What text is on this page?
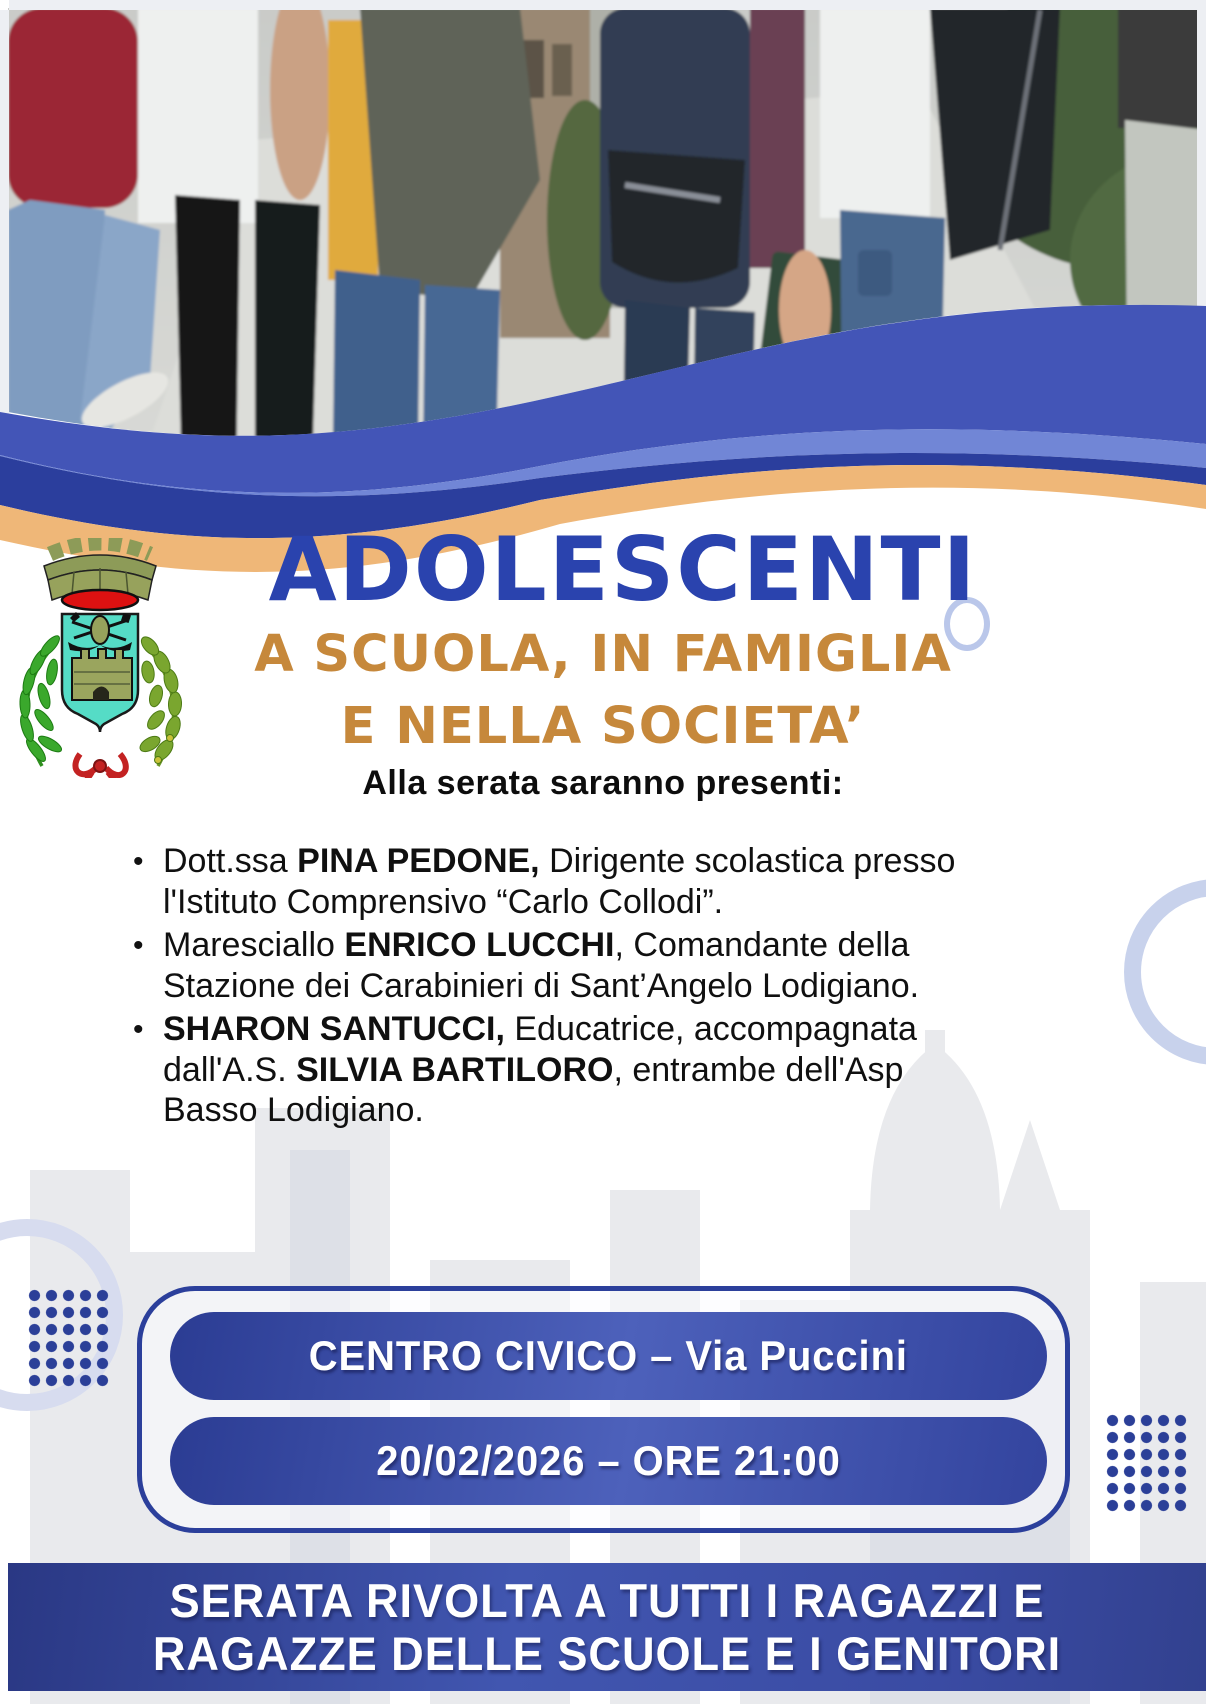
ADOLESCENTI
A SCUOLA, IN FAMIGLIA
E NELLA SOCIETA’
Alla serata saranno presenti:
• Dott.ssa PINA PEDONE, Dirigente scolastica presso l'Istituto Comprensivo “Carlo Collodi”.

• Maresciallo ENRICO LUCCHI, Comandante della Stazione dei Carabinieri di Sant’Angelo Lodigiano.

• SHARON SANTUCCI, Educatrice, accompagnata dall'A.S. SILVIA BARTILORO, entrambe dell'Asp Basso Lodigiano.

CENTRO CIVICO – Via Puccini
20/02/2026 – ORE 21:00
SERATA RIVOLTA A TUTTI I RAGAZZI E
RAGAZZE DELLE SCUOLE E I GENITORI
